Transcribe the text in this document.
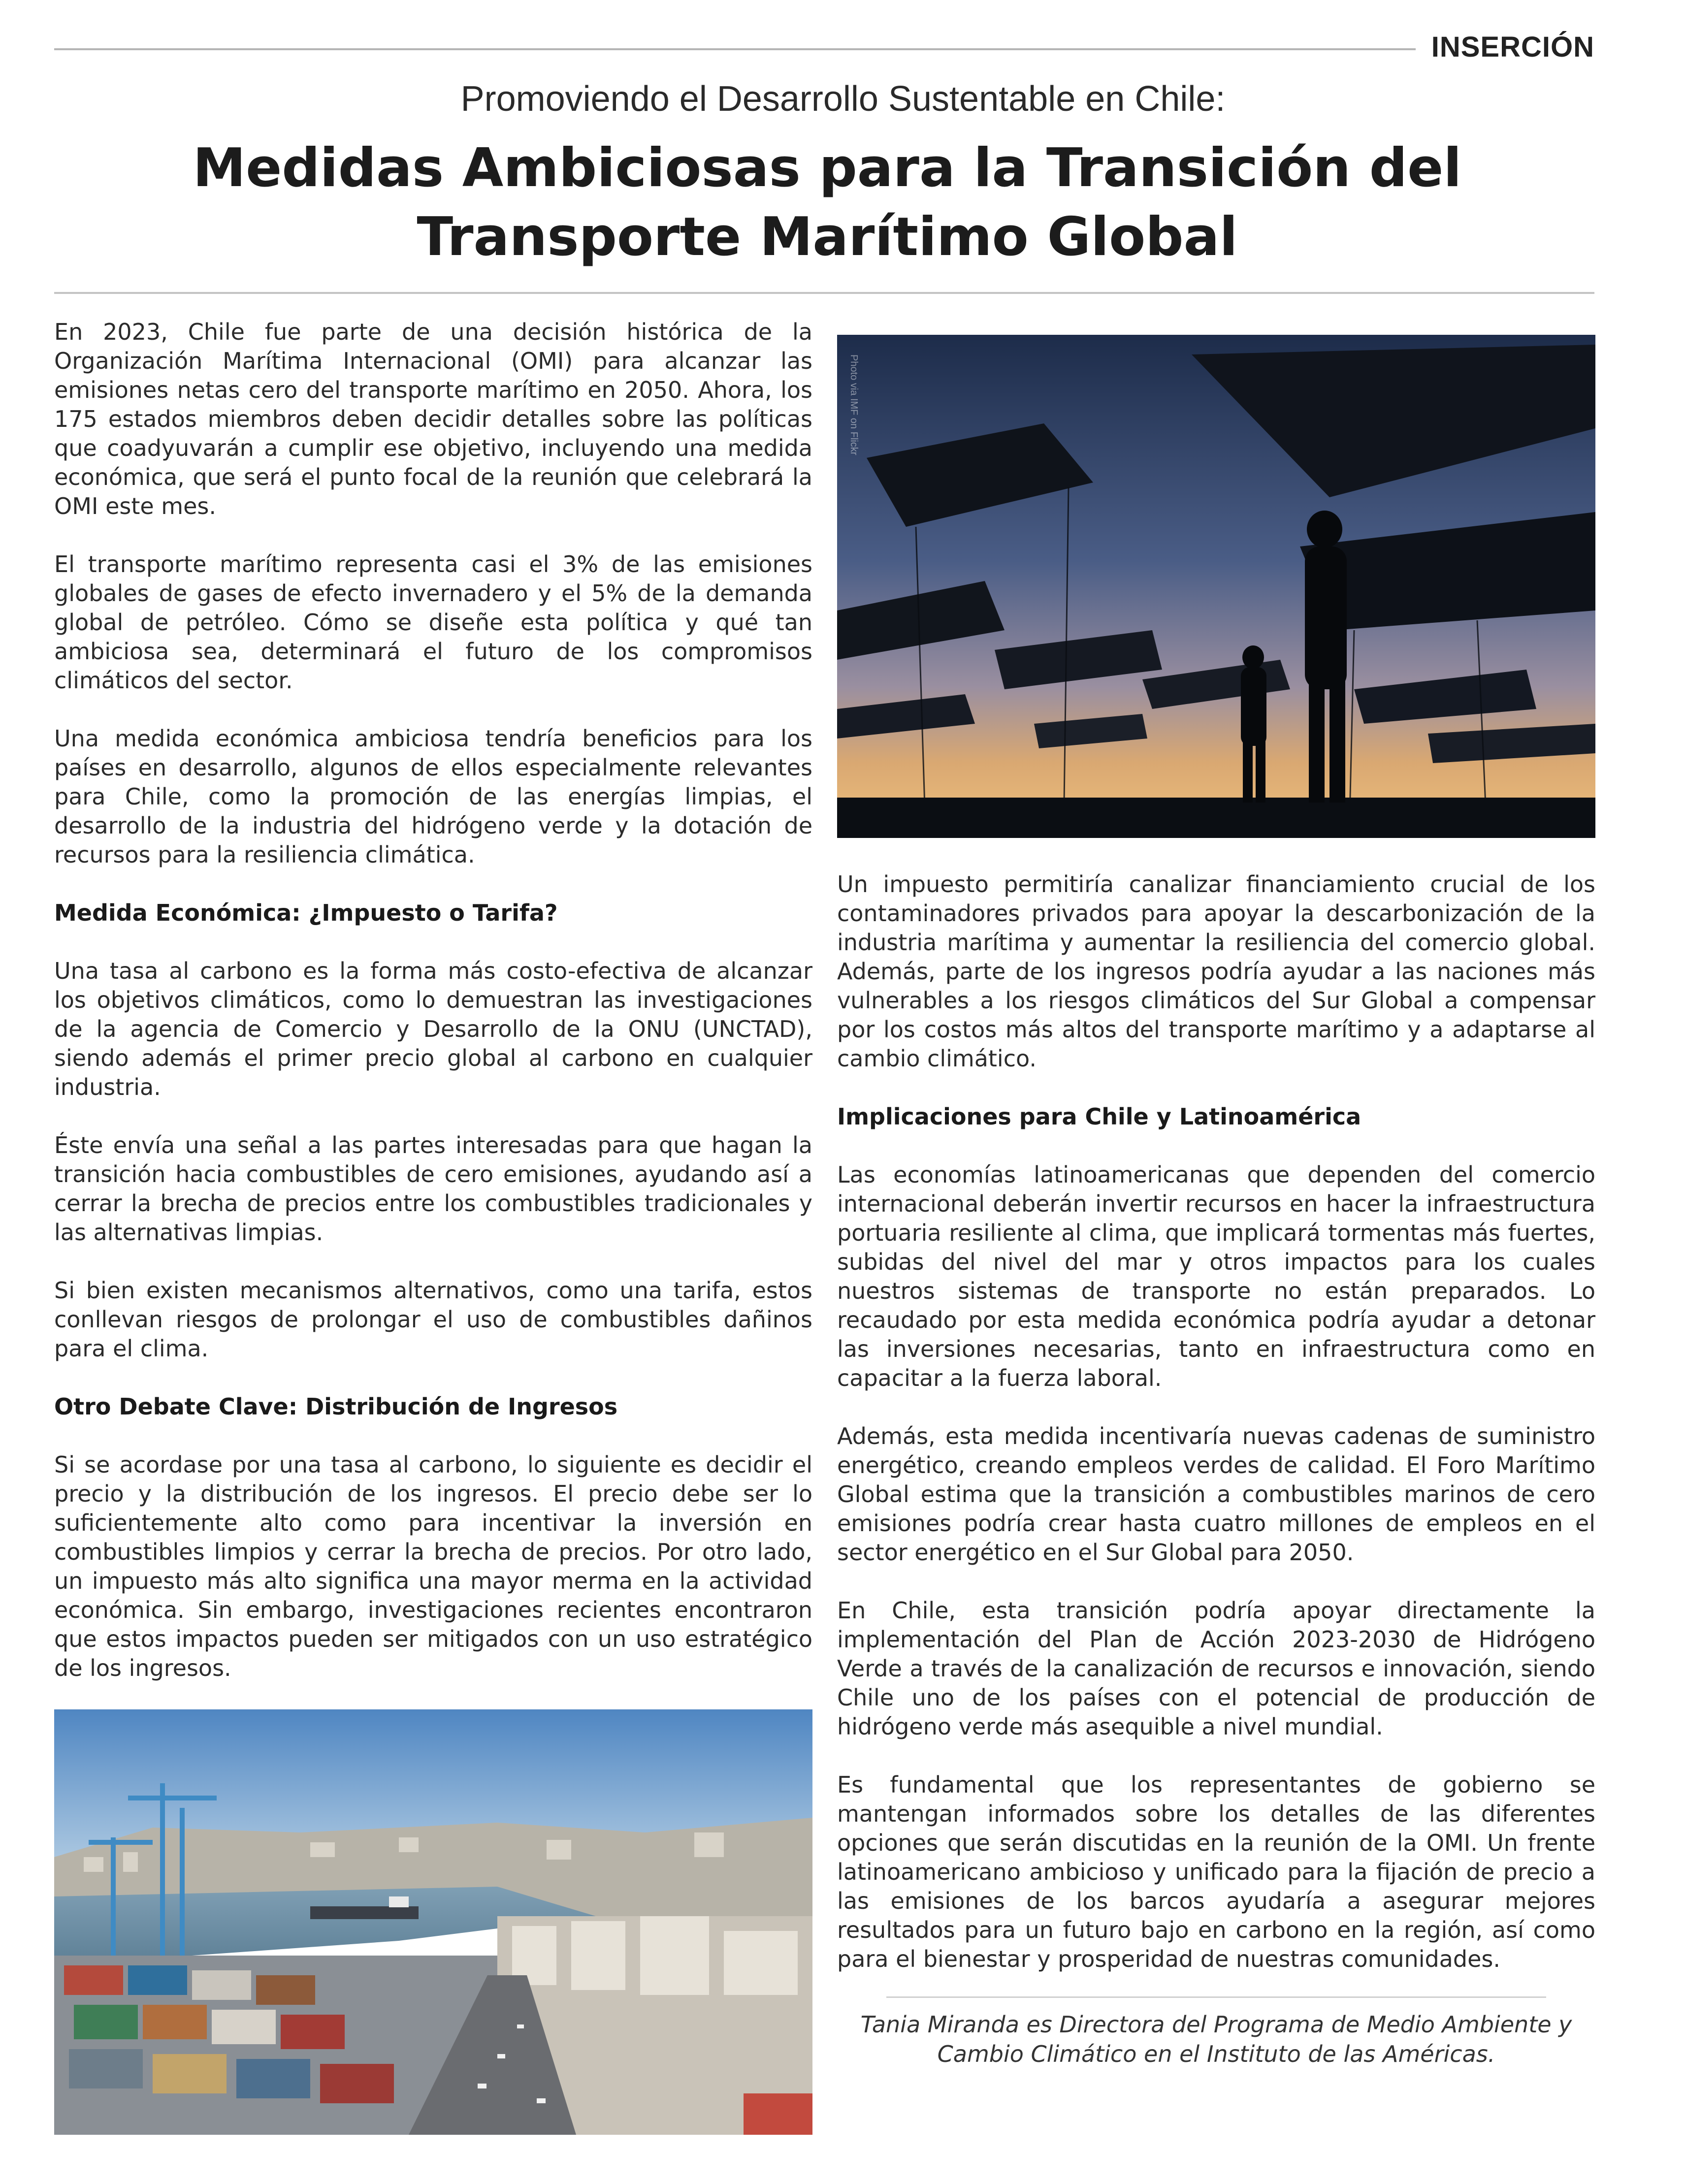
INSERCIÓN
Promoviendo el Desarrollo Sustentable en Chile:
Medidas Ambiciosas para la Transición del Transporte Marítimo Global

En 2023, Chile fue parte de una decisión histórica de la Organización Marítima Internacional (OMI) para alcanzar las emisiones netas cero del transporte marítimo en 2050. Ahora, los 175 estados miembros deben decidir detalles sobre las políticas que coadyuvarán a cumplir ese objetivo, incluyendo una medida económica, que será el punto focal de la reunión que celebrará la OMI este mes.

El transporte marítimo representa casi el 3% de las emisiones globales de gases de efecto invernadero y el 5% de la demanda global de petróleo. Cómo se diseñe esta política y qué tan ambiciosa sea, determinará el futuro de los compromisos climáticos del sector.

Una medida económica ambiciosa tendría beneficios para los países en desarrollo, algunos de ellos especialmente relevantes para Chile, como la promoción de las energías limpias, el desarrollo de la industria del hidrógeno verde y la dotación de recursos para la resiliencia climática.

Medida Económica: ¿Impuesto o Tarifa?

Una tasa al carbono es la forma más costo-efectiva de alcanzar los objetivos climáticos, como lo demuestran las investigaciones de la agencia de Comercio y Desarrollo de la ONU (UNCTAD), siendo además el primer precio global al carbono en cualquier industria.

Éste envía una señal a las partes interesadas para que hagan la transición hacia combustibles de cero emisiones, ayudando así a cerrar la brecha de precios entre los combustibles tradicionales y las alternativas limpias.

Si bien existen mecanismos alternativos, como una tarifa, estos conllevan riesgos de prolongar el uso de combustibles dañinos para el clima.

Otro Debate Clave: Distribución de Ingresos

Si se acordase por una tasa al carbono, lo siguiente es decidir el precio y la distribución de los ingresos. El precio debe ser lo suficientemente alto como para incentivar la inversión en combustibles limpios y cerrar la brecha de precios. Por otro lado, un impuesto más alto significa una mayor merma en la actividad económica. Sin embargo, investigaciones recientes encontraron que estos impactos pueden ser mitigados con un uso estratégico de los ingresos.

Photo via IMF on Flickr

Un impuesto permitiría canalizar financiamiento crucial de los contaminadores privados para apoyar la descarbonización de la industria marítima y aumentar la resiliencia del comercio global. Además, parte de los ingresos podría ayudar a las naciones más vulnerables a los riesgos climáticos del Sur Global a compensar por los costos más altos del transporte marítimo y a adaptarse al cambio climático.

Implicaciones para Chile y Latinoamérica

Las economías latinoamericanas que dependen del comercio internacional deberán invertir recursos en hacer la infraestructura portuaria resiliente al clima, que implicará tormentas más fuertes, subidas del nivel del mar y otros impactos para los cuales nuestros sistemas de transporte no están preparados. Lo recaudado por esta medida económica podría ayudar a detonar las inversiones necesarias, tanto en infraestructura como en capacitar a la fuerza laboral.

Además, esta medida incentivaría nuevas cadenas de suministro energético, creando empleos verdes de calidad. El Foro Marítimo Global estima que la transición a combustibles marinos de cero emisiones podría crear hasta cuatro millones de empleos en el sector energético en el Sur Global para 2050.

En Chile, esta transición podría apoyar directamente la implementación del Plan de Acción 2023-2030 de Hidrógeno Verde a través de la canalización de recursos e innovación, siendo Chile uno de los países con el potencial de producción de hidrógeno verde más asequible a nivel mundial.

Es fundamental que los representantes de gobierno se mantengan informados sobre los detalles de las diferentes opciones que serán discutidas en la reunión de la OMI. Un frente latinoamericano ambicioso y unificado para la fijación de precio a las emisiones de los barcos ayudaría a asegurar mejores resultados para un futuro bajo en carbono en la región, así como para el bienestar y prosperidad de nuestras comunidades.

Tania Miranda es Directora del Programa de Medio Ambiente y Cambio Climático en el Instituto de las Américas.
